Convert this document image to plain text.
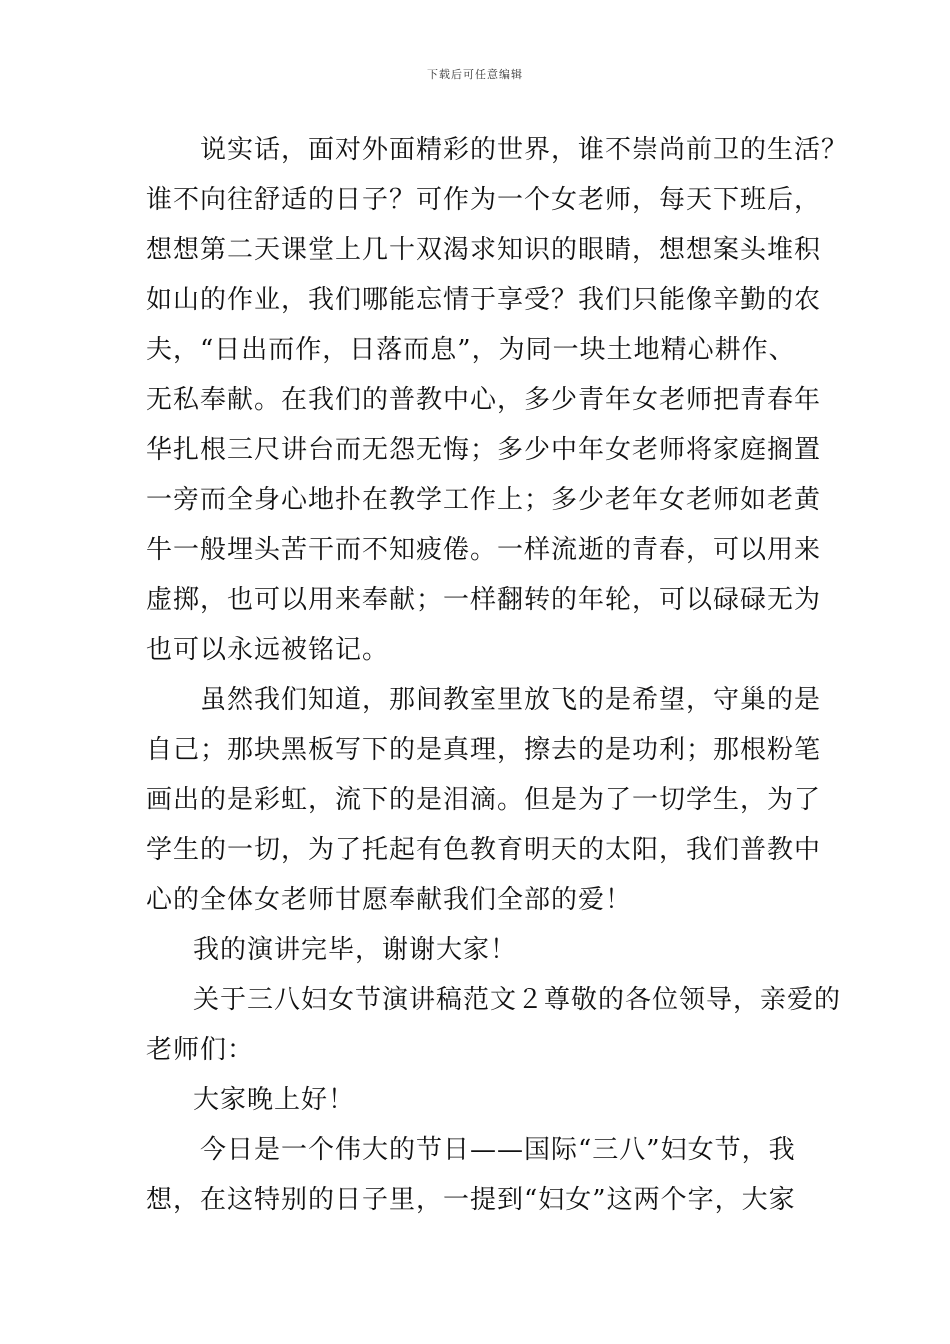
下载后可任意编辑
说实话，面对外面精彩的世界，谁不崇尚前卫的生活？
谁不向往舒适的日子？可作为一个女老师，每天下班后，
想想第二天课堂上几十双渴求知识的眼睛，想想案头堆积
如山的作业，我们哪能忘情于享受？我们只能像辛勤的农
夫，“日出而作，日落而息”，为同一块土地精心耕作、
无私奉献。在我们的普教中心，多少青年女老师把青春年
华扎根三尺讲台而无怨无悔；多少中年女老师将家庭搁置
一旁而全身心地扑在教学工作上；多少老年女老师如老黄
牛一般埋头苦干而不知疲倦。一样流逝的青春，可以用来
虚掷，也可以用来奉献；一样翻转的年轮，可以碌碌无为
也可以永远被铭记。
虽然我们知道，那间教室里放飞的是希望，守巢的是
自己；那块黑板写下的是真理，擦去的是功利；那根粉笔
画出的是彩虹，流下的是泪滴。但是为了一切学生，为了
学生的一切，为了托起有色教育明天的太阳，我们普教中
心的全体女老师甘愿奉献我们全部的爱！
我的演讲完毕，谢谢大家！
关于三八妇女节演讲稿范文２尊敬的各位领导，亲爱的
老师们：
大家晚上好！
今日是一个伟大的节日——国际“三八”妇女节，我
想，在这特别的日子里，一提到“妇女”这两个字，大家
